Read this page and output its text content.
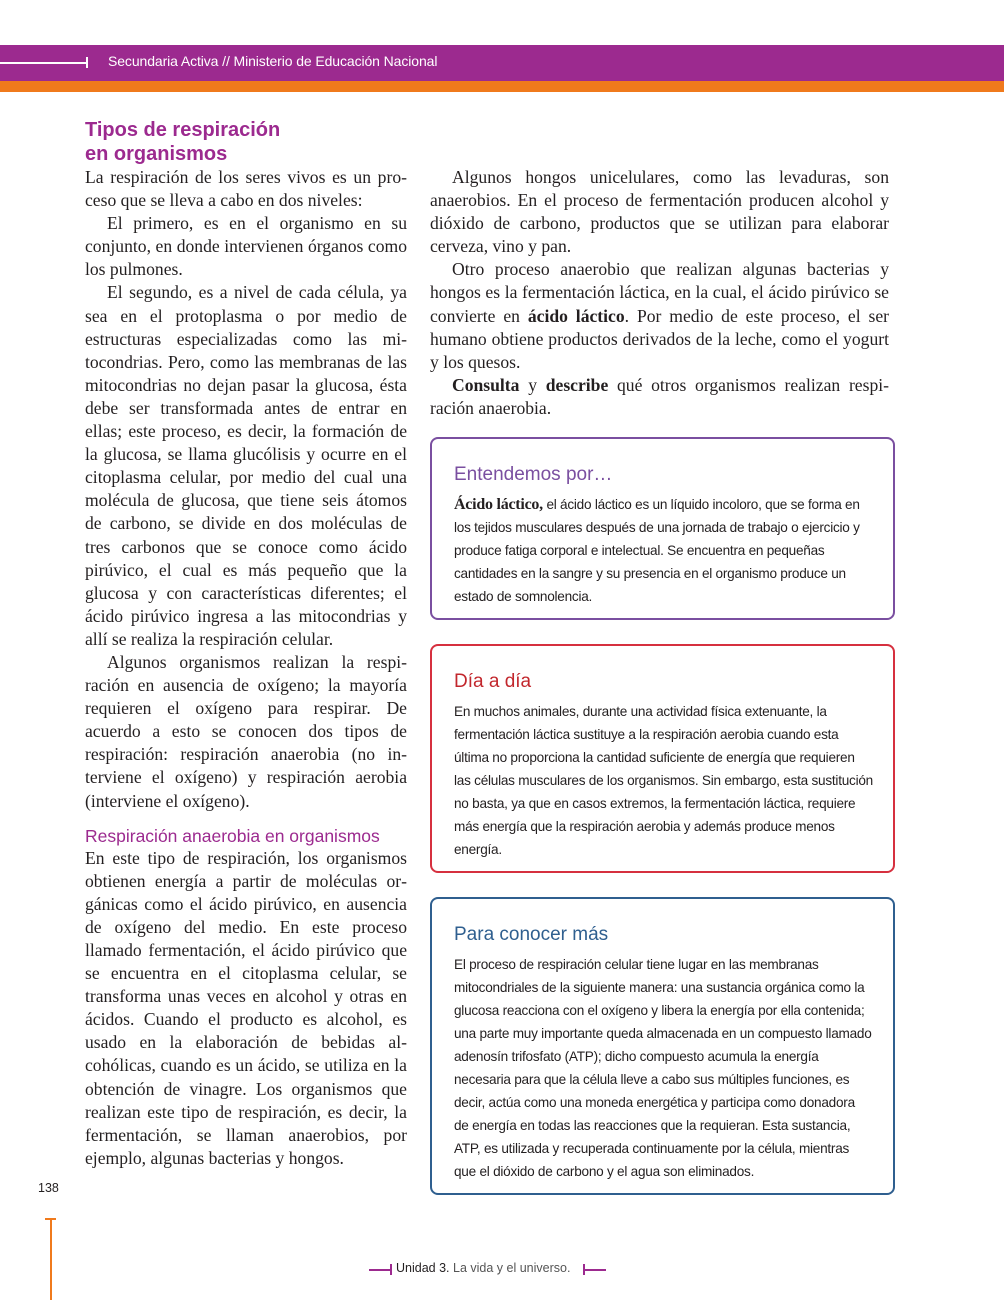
Secundaria Activa // Ministerio de Educación Nacional
Tipos de respiración
en organismos

La respiración de los seres vivos es un proceso que se lleva a cabo en dos niveles:

El primero, es en el organismo en su conjunto, en donde intervienen órganos como los pulmones.

El segundo, es a nivel de cada célula, ya sea en el protoplasma o por medio de estructuras especializadas como las mitocondrias. Pero, como las membranas de las mitocondrias no dejan pasar la glucosa, ésta debe ser transformada antes de entrar en ellas; este proceso, es decir, la formación de la glucosa, se llama glucólisis y ocurre en el citoplasma celular, por medio del cual una molécula de glucosa, que tiene seis átomos de carbono, se divide en dos moléculas de tres carbonos que se conoce como ácido pirúvico, el cual es más pequeño que la glucosa y con características diferentes; el ácido pirúvico ingresa a las mitocondrias y allí se realiza la respiración celular.

Algunos organismos realizan la respiración en ausencia de oxígeno; la mayoría requieren el oxígeno para respirar. De acuerdo a esto se conocen dos tipos de respiración: respiración anaerobia (no interviene el oxígeno) y respiración aerobia (interviene el oxígeno).

Respiración anaerobia en organismos

En este tipo de respiración, los organismos obtienen energía a partir de moléculas orgánicas como el ácido pirúvico, en ausencia de oxígeno del medio. En este proceso llamado fermentación, el ácido pirúvico que se encuentra en el citoplasma celular, se transforma unas veces en alcohol y otras en ácidos. Cuando el producto es alcohol, es usado en la elaboración de bebidas alcohólicas, cuando es un ácido, se utiliza en la obtención de vinagre. Los organismos que realizan este tipo de respiración, es decir, la fermentación, se llaman anaerobios, por ejemplo, algunas bacterias y hongos.

Algunos hongos unicelulares, como las levaduras, son anaerobios. En el proceso de fermentación producen alcohol y dióxido de carbono, productos que se utilizan para elaborar cerveza, vino y pan.

Otro proceso anaerobio que realizan algunas bacterias y hongos es la fermentación láctica, en la cual, el ácido pirúvico se convierte en ácido láctico. Por medio de este proceso, el ser humano obtiene productos derivados de la leche, como el yogurt y los quesos.

Consulta y describe qué otros organismos realizan respiración anaerobia.

Entendemos por…
Ácido láctico, el ácido láctico es un líquido incoloro, que se forma en los tejidos musculares después de una jornada de trabajo o ejercicio y produce fatiga corporal e intelectual. Se encuentra en pequeñas cantidades en la sangre y su presencia en el organismo produce un estado de somnolencia.
Día a día
En muchos animales, durante una actividad física extenuante, la fermentación láctica sustituye a la respiración aerobia cuando esta última no proporciona la cantidad suficiente de energía que requieren las células musculares de los organismos. Sin embargo, esta sustitución no basta, ya que en casos extremos, la fermentación láctica, requiere más energía que la respiración aerobia y además produce menos energía.
Para conocer más
El proceso de respiración celular tiene lugar en las membranas mitocondriales de la siguiente manera: una sustancia orgánica como la glucosa reacciona con el oxígeno y libera la energía por ella contenida; una parte muy importante queda almacenada en un compuesto llamado adenosín trifosfato (ATP); dicho compuesto acumula la energía necesaria para que la célula lleve a cabo sus múltiples funciones, es decir, actúa como una moneda energética y participa como donadora de energía en todas las reacciones que la requieran. Esta sustancia, ATP, es utilizada y recuperada continuamente por la célula, mientras que el dióxido de carbono y el agua son eliminados.
138
Unidad 3. La vida y el universo.
